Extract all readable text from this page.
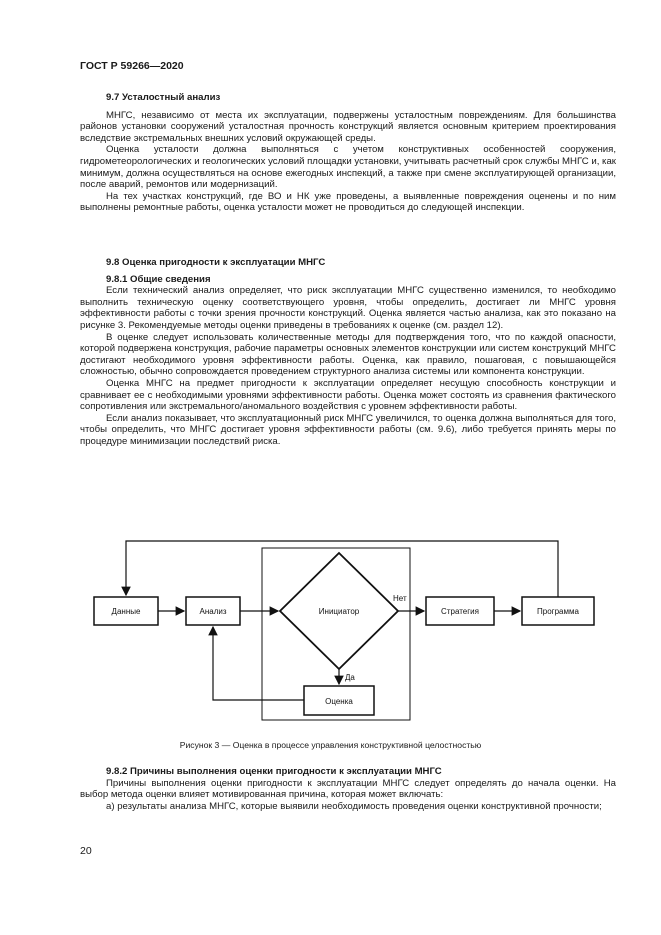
ГОСТ Р 59266—2020

9.7 Усталостный анализ

МНГС, независимо от места их эксплуатации, подвержены усталостным повреждениям. Для большинства районов установки сооружений усталостная прочность конструкций является основным критерием проектирования вследствие экстремальных внешних условий окружающей среды.

Оценка усталости должна выполняться с учетом конструктивных особенностей сооружения, гидрометеорологических и геологических условий площадки установки, учитывать расчетный срок службы МНГС и, как минимум, должна осуществляться на основе ежегодных инспекций, а также при смене эксплуатирующей организации, после аварий, ремонтов или модернизаций.

На тех участках конструкций, где ВО и НК уже проведены, а выявленные повреждения оценены и по ним выполнены ремонтные работы, оценка усталости может не проводиться до следующей инспекции.

9.8 Оценка пригодности к эксплуатации МНГС

9.8.1 Общие сведения

Если технический анализ определяет, что риск эксплуатации МНГС существенно изменился, то необходимо выполнить техническую оценку соответствующего уровня, чтобы определить, достигает ли МНГС уровня эффективности работы с точки зрения прочности конструкций. Оценка является частью анализа, как это показано на рисунке 3. Рекомендуемые методы оценки приведены в требованиях к оценке (см. раздел 12).

В оценке следует использовать количественные методы для подтверждения того, что по каждой опасности, которой подвержена конструкция, рабочие параметры основных элементов конструкции или систем конструкций МНГС достигают необходимого уровня эффективности работы. Оценка, как правило, пошаговая, с повышающейся сложностью, обычно сопровождается проведением структурного анализа системы или компонента конструкции.

Оценка МНГС на предмет пригодности к эксплуатации определяет несущую способность конструкции и сравнивает ее с необходимыми уровнями эффективности работы. Оценка может состоять из сравнения фактического сопротивления или экстремального/аномального воздействия с уровнем эффективности работы.

Если анализ показывает, что эксплуатационный риск МНГС увеличился, то оценка должна выполняться для того, чтобы определить, что МНГС достигает уровня эффективности работы (см. 9.6), либо требуется принять меры по процедуре минимизации последствий риска.

Данные	Анализ	Инициатор	Стратегия	Программа
Оценка
Нет
Да
Рисунок 3 — Оценка в процессе управления конструктивной целостностью

9.8.2 Причины выполнения оценки пригодности к эксплуатации МНГС

Причины выполнения оценки пригодности к эксплуатации МНГС следует определять до начала оценки. На выбор метода оценки влияет мотивированная причина, которая может включать:

а) результаты анализа МНГС, которые выявили необходимость проведения оценки конструктивной прочности;

20
